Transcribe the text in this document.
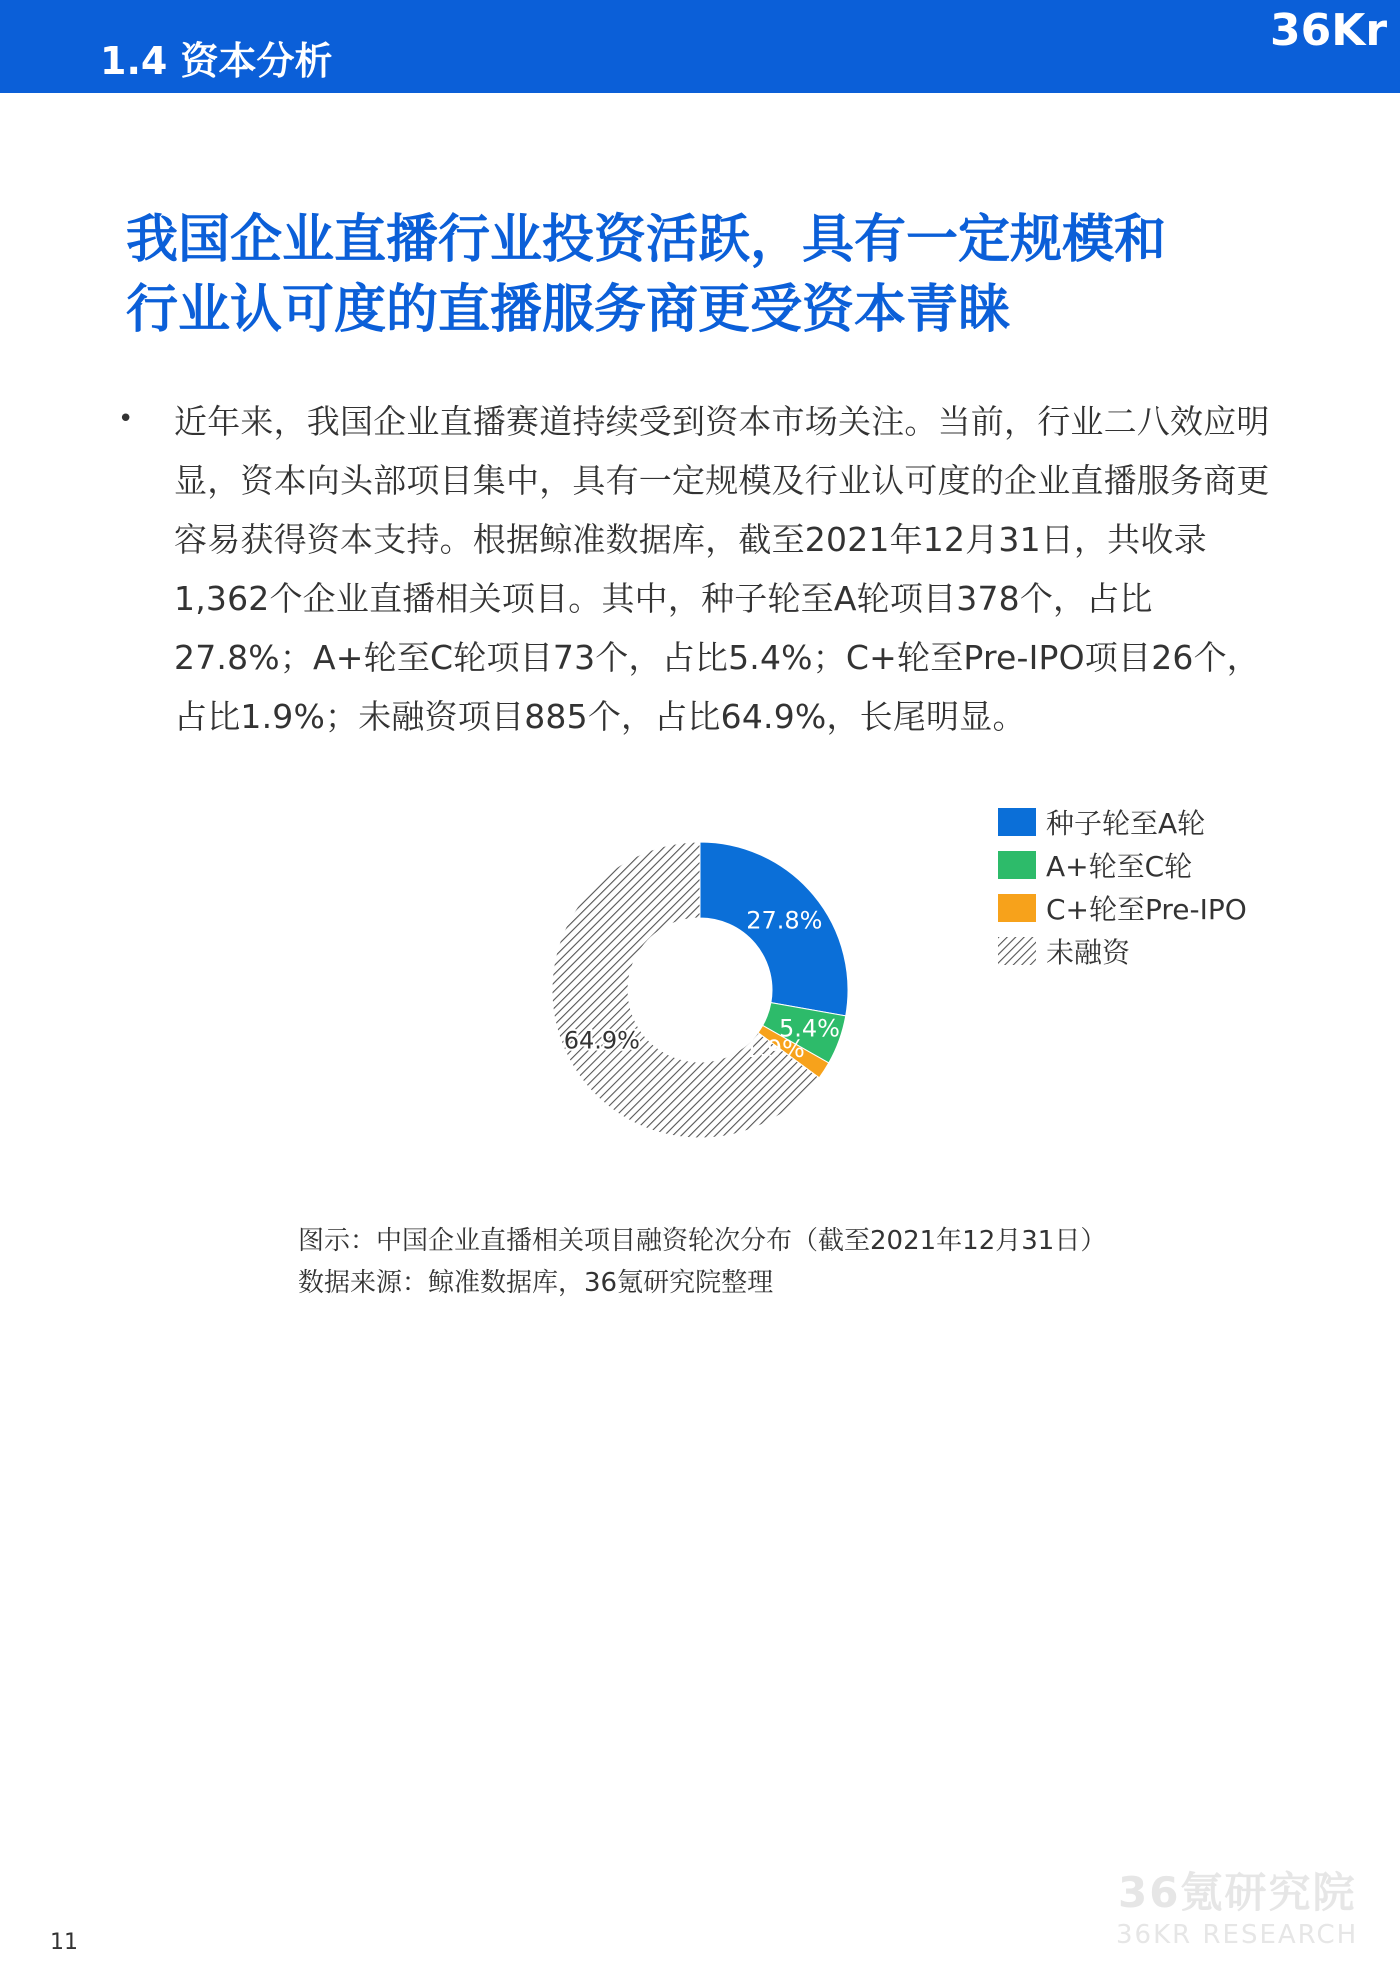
1.4 资本分析
36Kr
我国企业直播行业投资活跃，具有一定规模和
行业认可度的直播服务商更受资本青睐
• 近年来，我国企业直播赛道持续受到资本市场关注。当前，行业二八效应明显，资本向头部项目集中，具有一定规模及行业认可度的企业直播服务商更容易获得资本支持。根据鲸准数据库，截至2021年12月31日，共收录1,362个企业直播相关项目。其中，种子轮至A轮项目378个，占比27.8%；A+轮至C轮项目73个，占比5.4%；C+轮至Pre-IPO项目26个，占比1.9%；未融资项目885个，占比64.9%，长尾明显。
27.8%
5.4%
1.9%
64.9%
种子轮至A轮
A+轮至C轮
C+轮至Pre-IPO
未融资
图示：中国企业直播相关项目融资轮次分布（截至2021年12月31日）
数据来源：鲸准数据库，36氪研究院整理
36氪研究院
36KR RESEARCH
11
